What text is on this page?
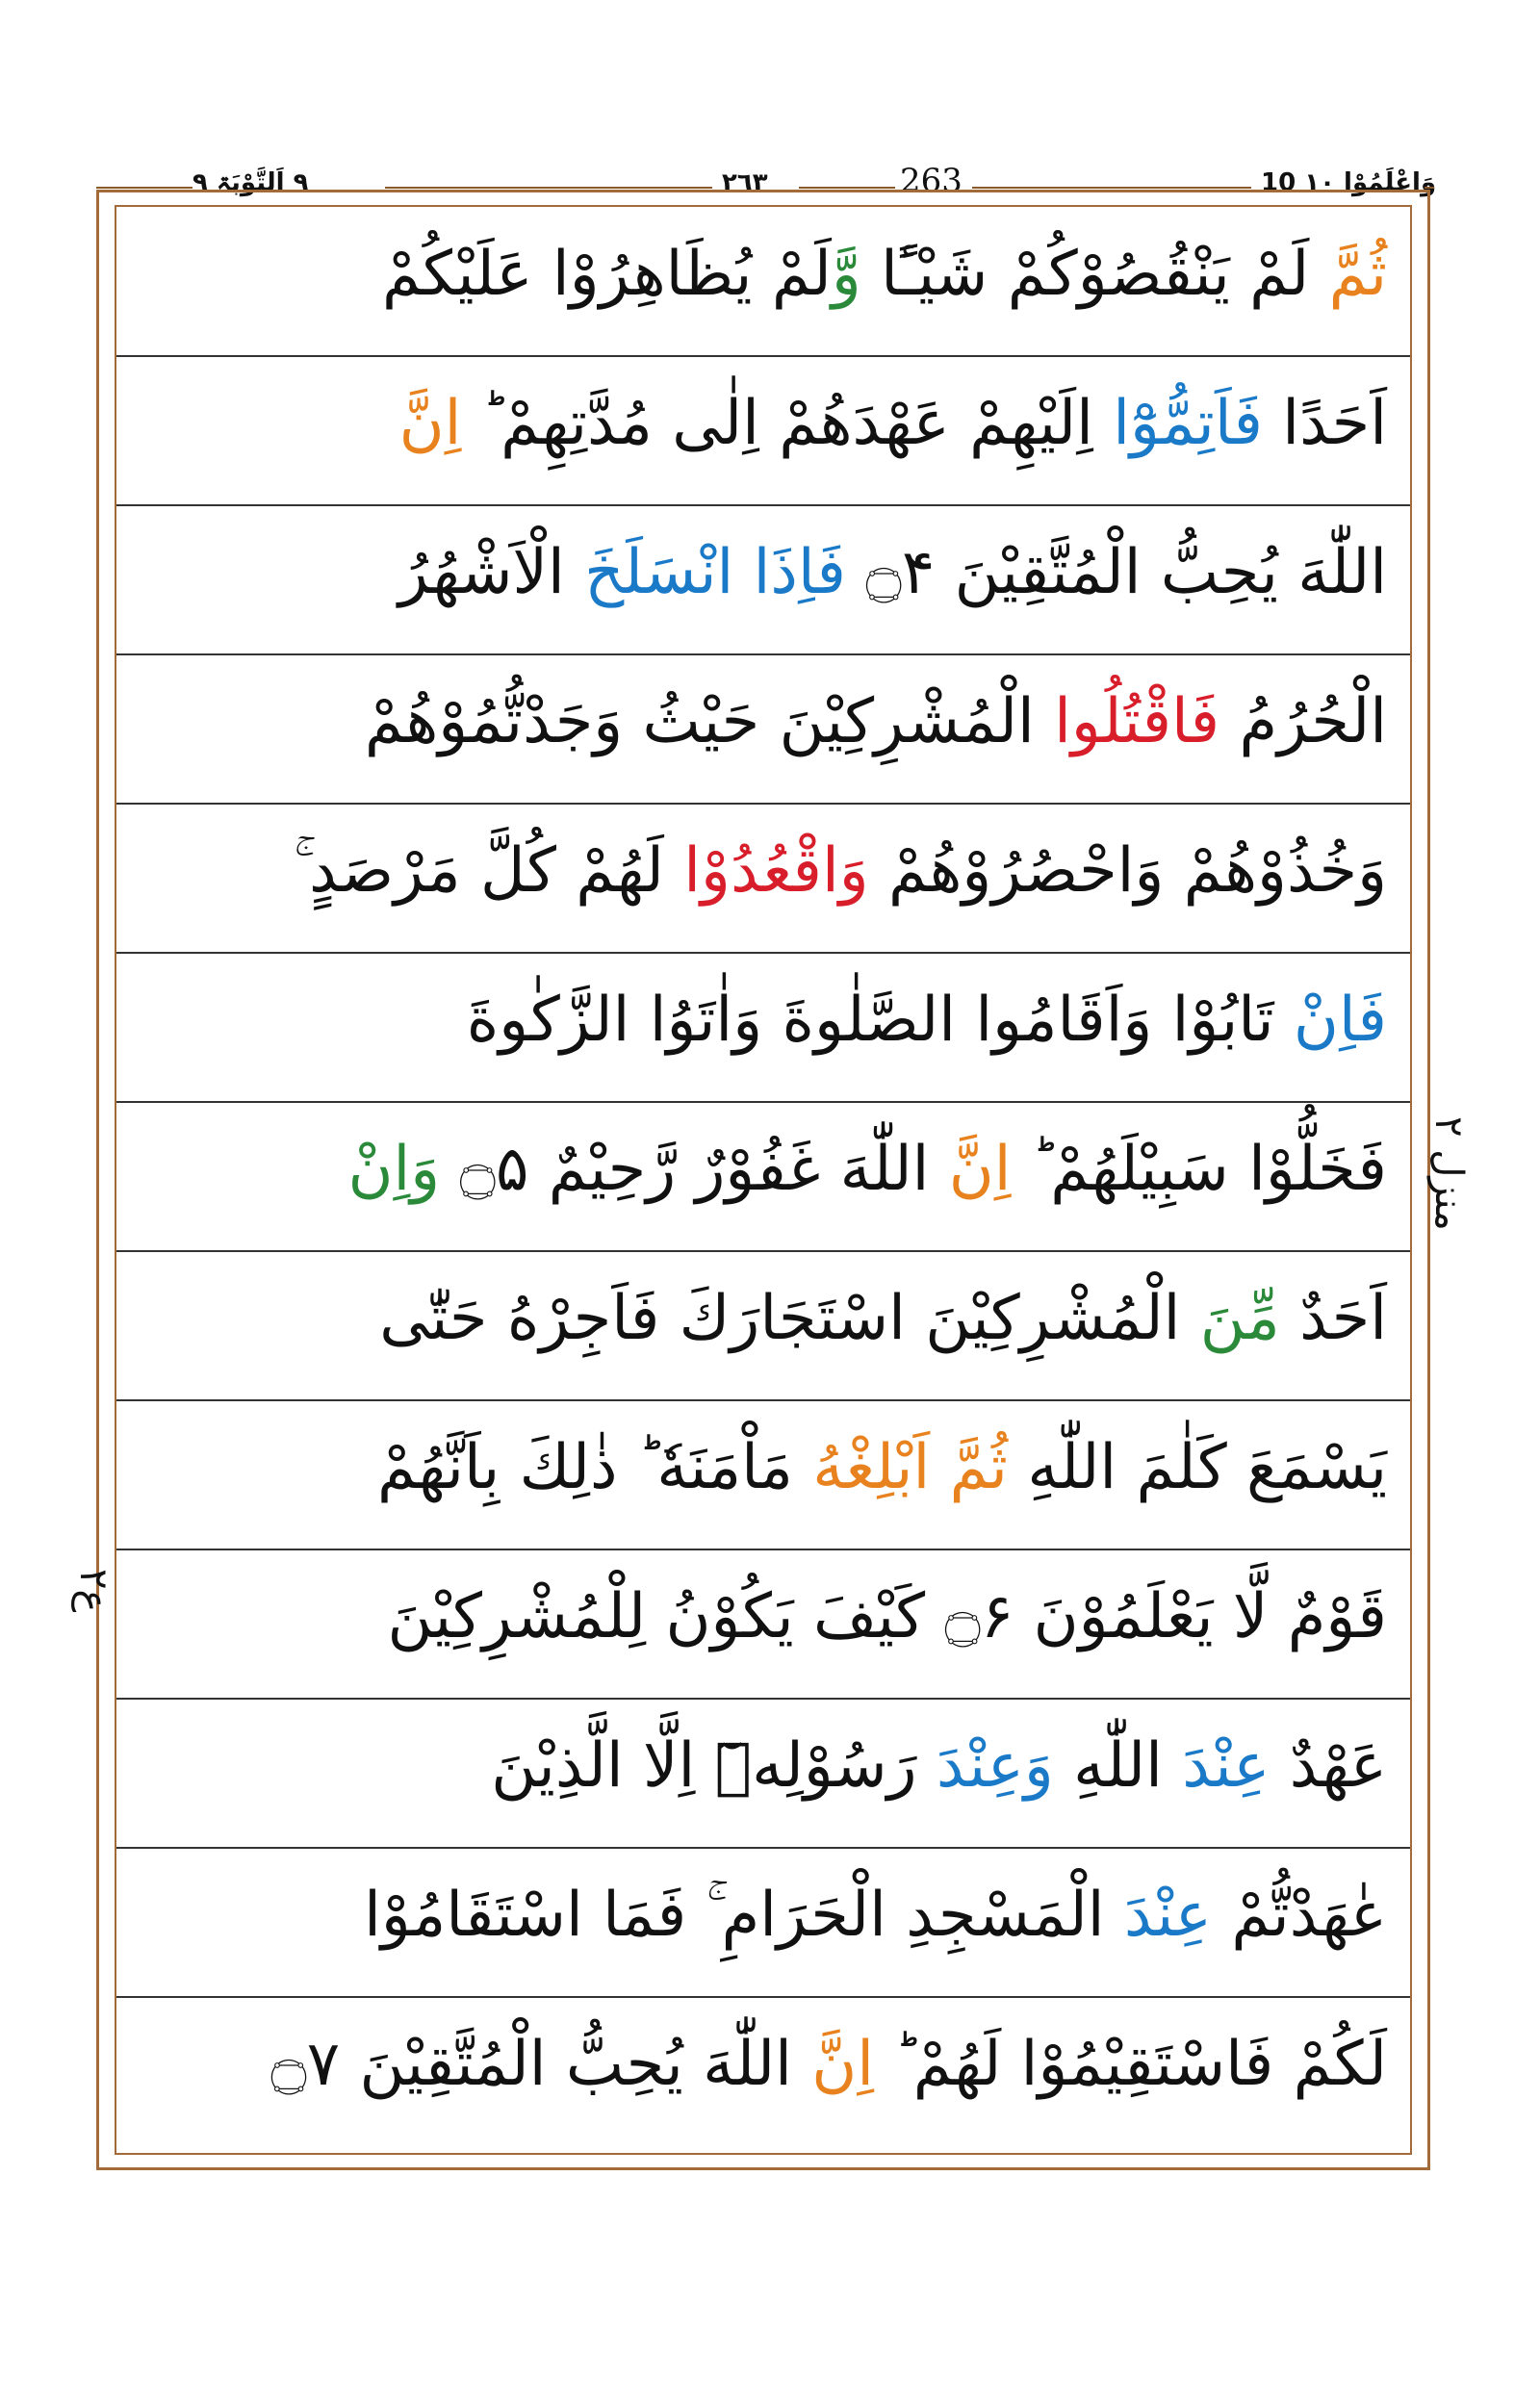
٩ اَلتَّوْبَۃ ٩	٢٦٣	263	10 وَاعْلَمُوْا ١٠
ثُمَّ لَمْ يَنْقُصُوْكُمْ شَيْـًٔا وَّلَمْ يُظَاهِرُوْا عَلَيْكُمْ
اَحَدًا فَاَتِمُّوْٓا اِلَيْهِمْ عَهْدَهُمْ اِلٰى مُدَّتِهِمْ ؕ اِنَّ
اللّٰهَ يُحِبُّ الْمُتَّقِيْنَ ۝۴ فَاِذَا انْسَلَخَ الْاَشْهُرُ
الْحُرُمُ فَاقْتُلُوا الْمُشْرِكِيْنَ حَيْثُ وَجَدْتُّمُوْهُمْ
وَخُذُوْهُمْ وَاحْصُرُوْهُمْ وَاقْعُدُوْا لَهُمْ كُلَّ مَرْصَدٍ ۚ
فَاِنْ تَابُوْا وَاَقَامُوا الصَّلٰوةَ وَاٰتَوُا الزَّكٰوةَ
فَخَلُّوْا سَبِيْلَهُمْ ؕ اِنَّ اللّٰهَ غَفُوْرٌ رَّحِيْمٌ ۝۵ وَاِنْ
اَحَدٌ مِّنَ الْمُشْرِكِيْنَ اسْتَجَارَكَ فَاَجِرْهُ حَتّٰى
يَسْمَعَ كَلٰمَ اللّٰهِ ثُمَّ اَبْلِغْهُ مَاْمَنَهٗ ؕ ذٰلِكَ بِاَنَّهُمْ
قَوْمٌ لَّا يَعْلَمُوْنَ ۝۶ كَيْفَ يَكُوْنُ لِلْمُشْرِكِيْنَ
عَهْدٌ عِنْدَ اللّٰهِ وَعِنْدَ رَسُوْلِهٖٓ اِلَّا الَّذِيْنَ
عٰهَدْتُّمْ عِنْدَ الْمَسْجِدِ الْحَرَامِ ۚ فَمَا اسْتَقَامُوْا
لَكُمْ فَاسْتَقِيْمُوْا لَهُمْ ؕ اِنَّ اللّٰهَ يُحِبُّ الْمُتَّقِيْنَ ۝۷
منزل ٢
ع٢
